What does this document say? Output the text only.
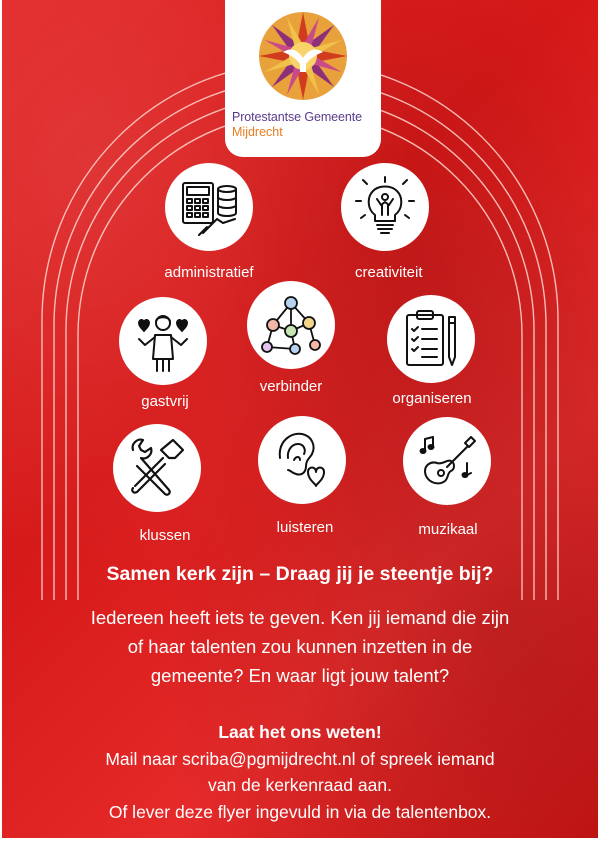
Protestantse Gemeente
Mijdrecht
administratief	creativiteit
gastvrij
verbinder
organiseren
klussen	luisteren	muzikaal
Samen kerk zijn – Draag jij je steentje bij?
Iedereen heeft iets te geven. Ken jij iemand die zijn
of haar talenten zou kunnen inzetten in de
gemeente? En waar ligt jouw talent?
Laat het ons weten!
Mail naar scriba@pgmijdrecht.nl of spreek iemand
van de kerkenraad aan.
Of lever deze flyer ingevuld in via de talentenbox.
